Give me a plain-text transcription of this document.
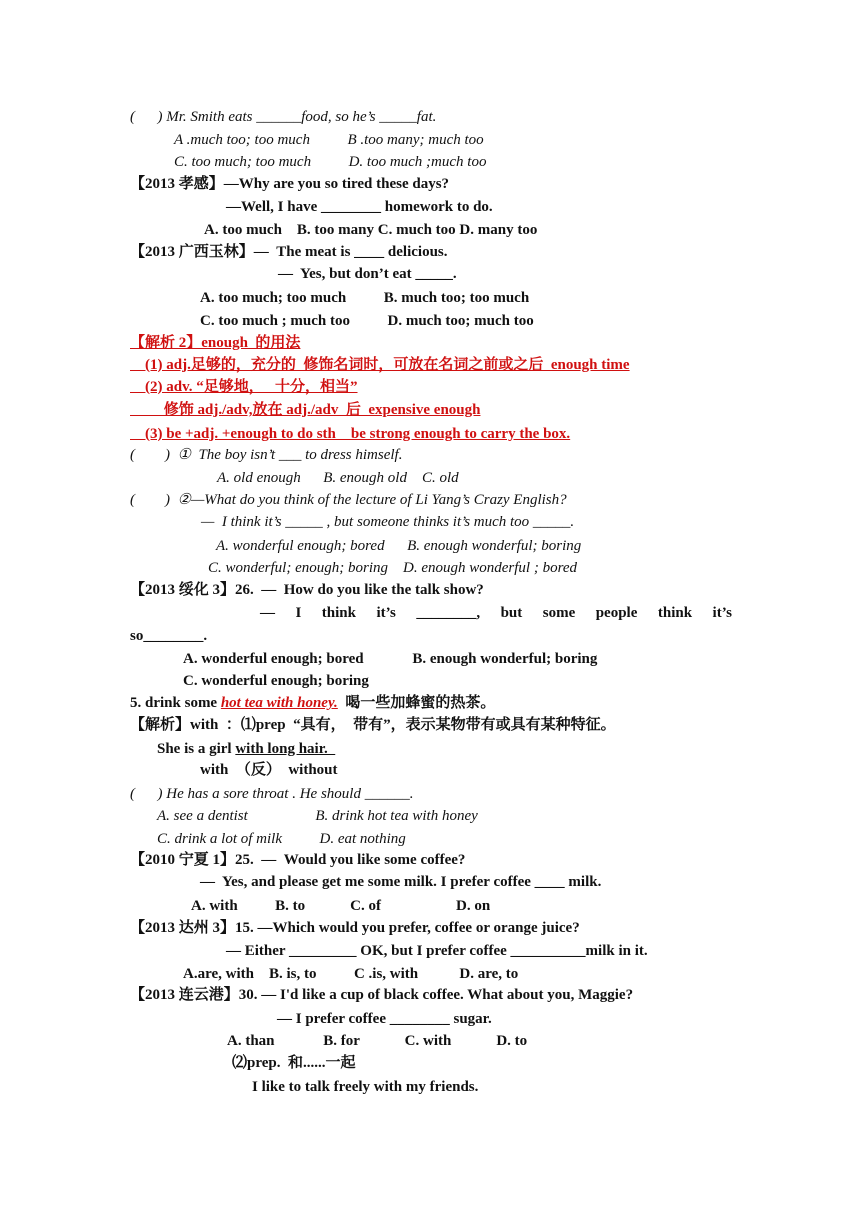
(      ) Mr. Smith eats ______food, so he’s _____fat.
A .much too; too much          B .too many; much too
C. too much; too much          D. too much ;much too
【2013 孝感】—Why are you so tired these days?
—Well, I have ________ homework to do.
A. too much    B. too many C. much too D. many too
【2013 广西玉林】—  The meat is ____ delicious.
—  Yes, but don’t eat _____.
A. too much; too much          B. much too; too much
C. too much ; much too          D. much too; much too
【解析 2】enough  的用法
(1) adj.足够的，充分的  修饰名词时，可放在名词之前或之后  enough time
(2) adv. “足够地，   十分，相当”
修饰 adj./adv,放在 adj./adv  后  expensive enough
(3) be +adj. +enough to do sth    be strong enough to carry the box.
(        )  ①  The boy isn’t ___ to dress himself.
A. old enough      B. enough old    C. old
(        )  ②—What do you think of the lecture of Li Yang’s Crazy English?
—  I think it’s _____ , but someone thinks it’s much too _____.
A. wonderful enough; bored      B. enough wonderful; boring
C. wonderful; enough; boring    D. enough wonderful ; bored
【2013 绥化 3】26.  —  How do you like the talk show?
— I think it’s ________, but some people think it’s
so________.
A. wonderful enough; bored             B. enough wonderful; boring
C. wonderful enough; boring
5. drink some hot tea with honey.  喝一些加蜂蜜的热茶。
【解析】with  ：⑴prep  “具有，  带有”，表示某物带有或具有某种特征。
She is a girl with long hair.
with  （反）  without
(      ) He has a sore throat . He should ______.
A. see a dentist                  B. drink hot tea with honey
C. drink a lot of milk          D. eat nothing
【2010 宁夏 1】25.  —  Would you like some coffee?
—  Yes, and please get me some milk. I prefer coffee ____ milk.
A. with          B. to            C. of                    D. on
【2013 达州 3】15. —Which would you prefer, coffee or orange juice?
— Either _________ OK, but I prefer coffee __________milk in it.
A.are, with    B. is, to          C .is, with           D. are, to
【2013 连云港】30. — I'd like a cup of black coffee. What about you, Maggie?
— I prefer coffee ________ sugar.
A. than             B. for            C. with            D. to
⑵prep.  和......一起
I like to talk freely with my friends.
